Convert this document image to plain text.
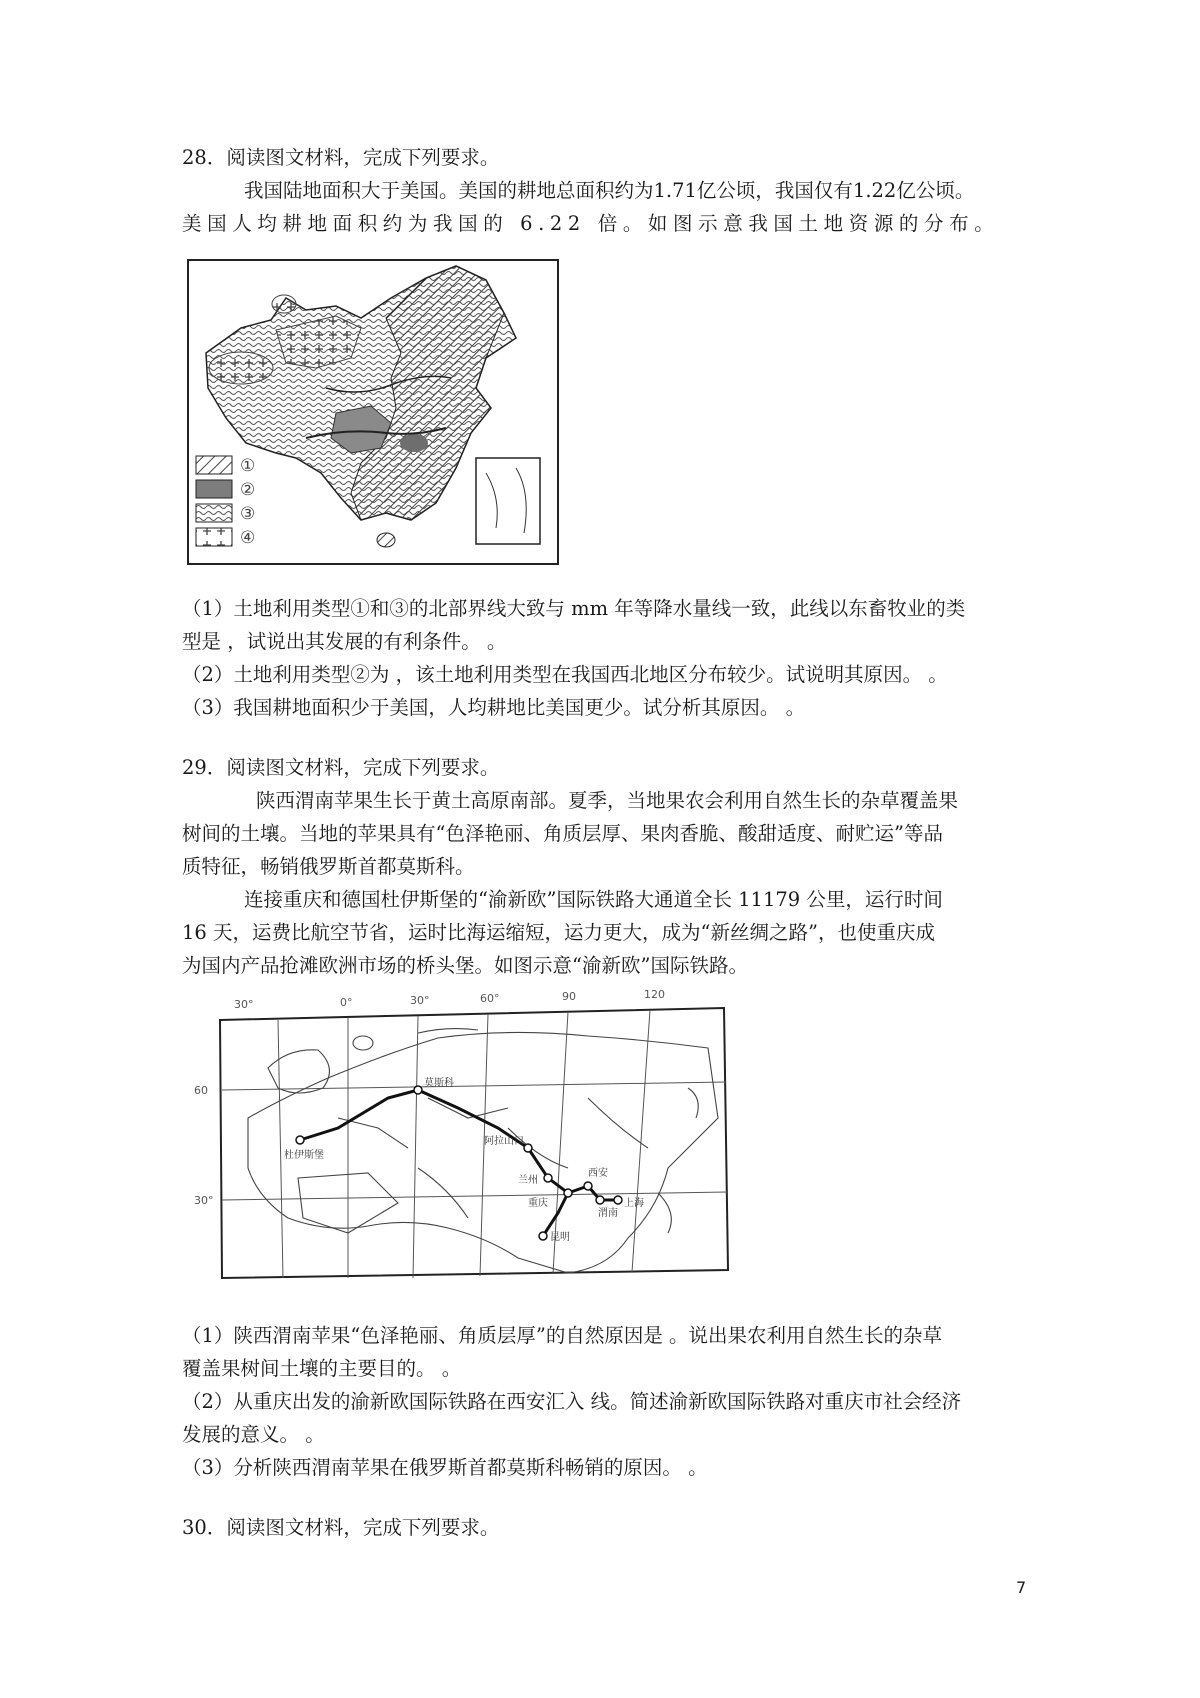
28．阅读图文材料，完成下列要求。
我国陆地面积大于美国。美国的耕地总面积约为1.71亿公顷，我国仅有1.22亿公顷。
美国人均耕地面积约为我国的 6.22 倍。如图示意我国土地资源的分布。
①
②
③
④
（1）土地利用类型①和③的北部界线大致与 mm 年等降水量线一致，此线以东畜牧业的类
型是 ，试说出其发展的有利条件。 。
（2）土地利用类型②为 ，该土地利用类型在我国西北地区分布较少。试说明其原因。 。
（3）我国耕地面积少于美国，人均耕地比美国更少。试分析其原因。 。
29．阅读图文材料，完成下列要求。
陕西渭南苹果生长于黄土高原南部。夏季，当地果农会利用自然生长的杂草覆盖果
树间的土壤。当地的苹果具有“色泽艳丽、角质层厚、果肉香脆、酸甜适度、耐贮运”等品
质特征，畅销俄罗斯首都莫斯科。
连接重庆和德国杜伊斯堡的“渝新欧”国际铁路大通道全长 11179 公里，运行时间
16 天，运费比航空节省，运时比海运缩短，运力更大，成为“新丝绸之路”，也使重庆成
为国内产品抢滩欧洲市场的桥头堡。如图示意“渝新欧”国际铁路。
30°	0°	30°	60°	90	120
60
30°
杜伊斯堡
莫斯科
阿拉山口
兰州
西安
渭南
重庆	上海
昆明
（1）陕西渭南苹果“色泽艳丽、角质层厚”的自然原因是 。说出果农利用自然生长的杂草
覆盖果树间土壤的主要目的。 。
（2）从重庆出发的渝新欧国际铁路在西安汇入 线。简述渝新欧国际铁路对重庆市社会经济
发展的意义。 。
（3）分析陕西渭南苹果在俄罗斯首都莫斯科畅销的原因。 。
30．阅读图文材料，完成下列要求。
7
